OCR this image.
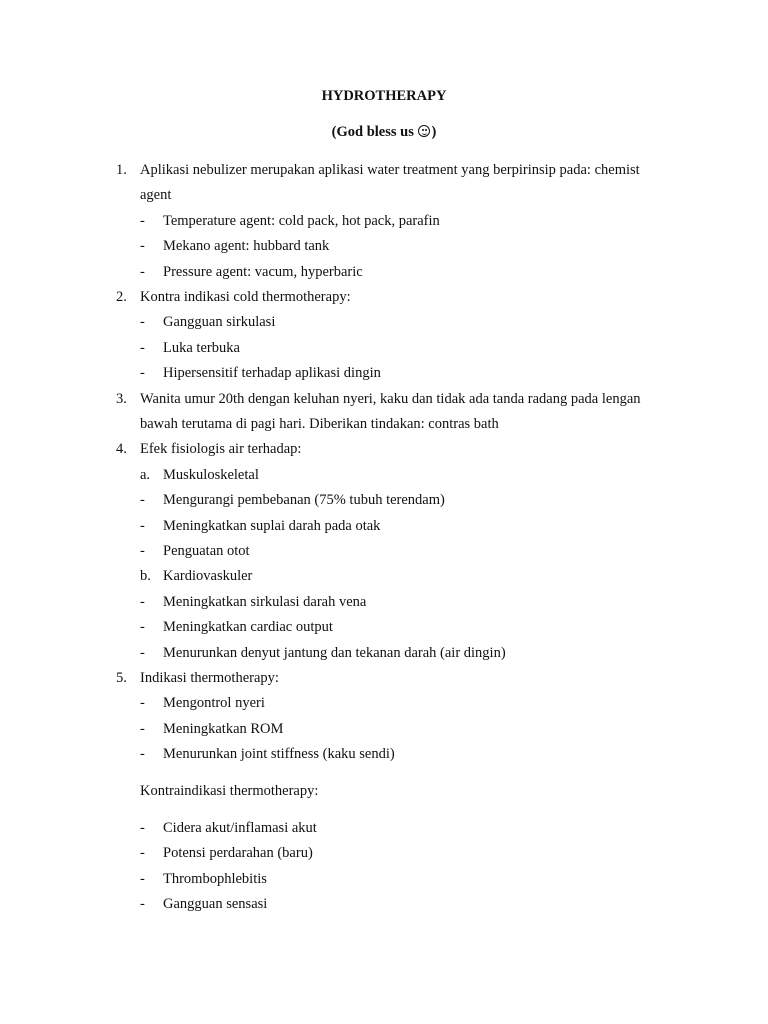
HYDROTHERAPY
(God bless us
)
1. Aplikasi nebulizer merupakan aplikasi water treatment yang berpirinsip pada: chemist
agent
- Temperature agent: cold pack, hot pack, parafin
- Mekano agent: hubbard tank
- Pressure agent: vacum, hyperbaric
2. Kontra indikasi cold thermotherapy:
- Gangguan sirkulasi
- Luka terbuka
- Hipersensitif terhadap aplikasi dingin
3. Wanita umur 20th dengan keluhan nyeri, kaku dan tidak ada tanda radang pada lengan
bawah terutama di pagi hari. Diberikan tindakan: contras bath
4. Efek fisiologis air terhadap:
a. Muskuloskeletal
- Mengurangi pembebanan (75% tubuh terendam)
- Meningkatkan suplai darah pada otak
- Penguatan otot
b. Kardiovaskuler
- Meningkatkan sirkulasi darah vena
- Meningkatkan cardiac output
- Menurunkan denyut jantung dan tekanan darah (air dingin)
5. Indikasi thermotherapy:
- Mengontrol nyeri
- Meningkatkan ROM
- Menurunkan joint stiffness (kaku sendi)
Kontraindikasi thermotherapy:
- Cidera akut/inflamasi akut
- Potensi perdarahan (baru)
- Thrombophlebitis
- Gangguan sensasi
